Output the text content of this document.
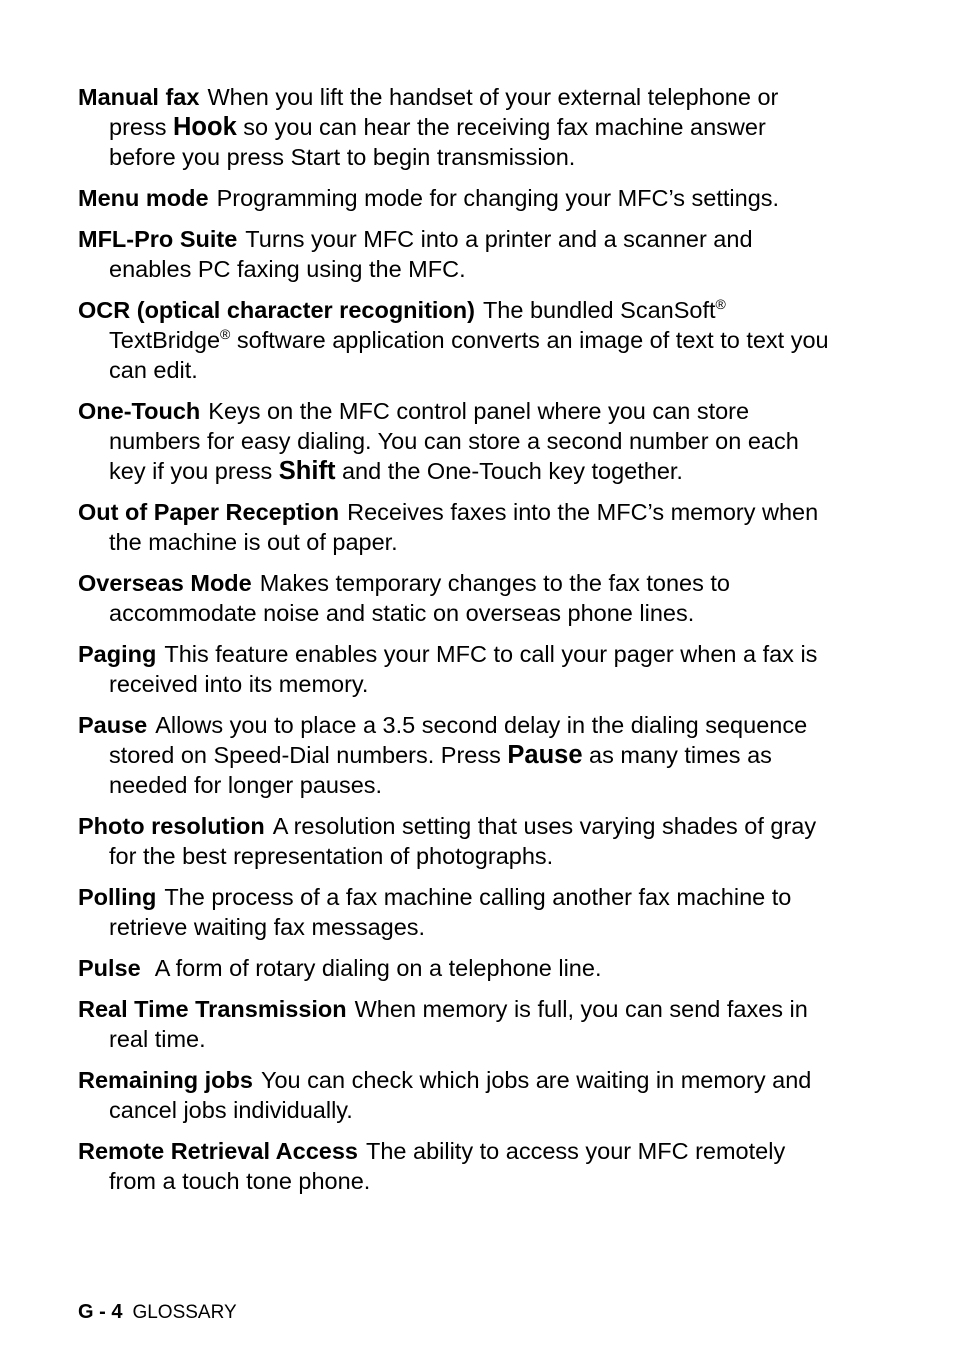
Manual fax When you lift the handset of your external telephone or press Hook so you can hear the receiving fax machine answer before you press Start to begin transmission.

Menu mode Programming mode for changing your MFC’s settings.

MFL-Pro Suite Turns your MFC into a printer and a scanner and enables PC faxing using the MFC.

OCR (optical character recognition) The bundled ScanSoft® TextBridge® software application converts an image of text to text you can edit.

One-Touch Keys on the MFC control panel where you can store numbers for easy dialing. You can store a second number on each key if you press Shift and the One-Touch key together.

Out of Paper Reception Receives faxes into the MFC’s memory when the machine is out of paper.

Overseas Mode Makes temporary changes to the fax tones to accommodate noise and static on overseas phone lines.

Paging This feature enables your MFC to call your pager when a fax is received into its memory.

Pause Allows you to place a 3.5 second delay in the dialing sequence stored on Speed-Dial numbers. Press Pause as many times as needed for longer pauses.

Photo resolution A resolution setting that uses varying shades of gray for the best representation of photographs.

Polling The process of a fax machine calling another fax machine to retrieve waiting fax messages.

Pulse A form of rotary dialing on a telephone line.

Real Time Transmission When memory is full, you can send faxes in real time.

Remaining jobs You can check which jobs are waiting in memory and cancel jobs individually.

Remote Retrieval Access The ability to access your MFC remotely from a touch tone phone.

G - 4 GLOSSARY
